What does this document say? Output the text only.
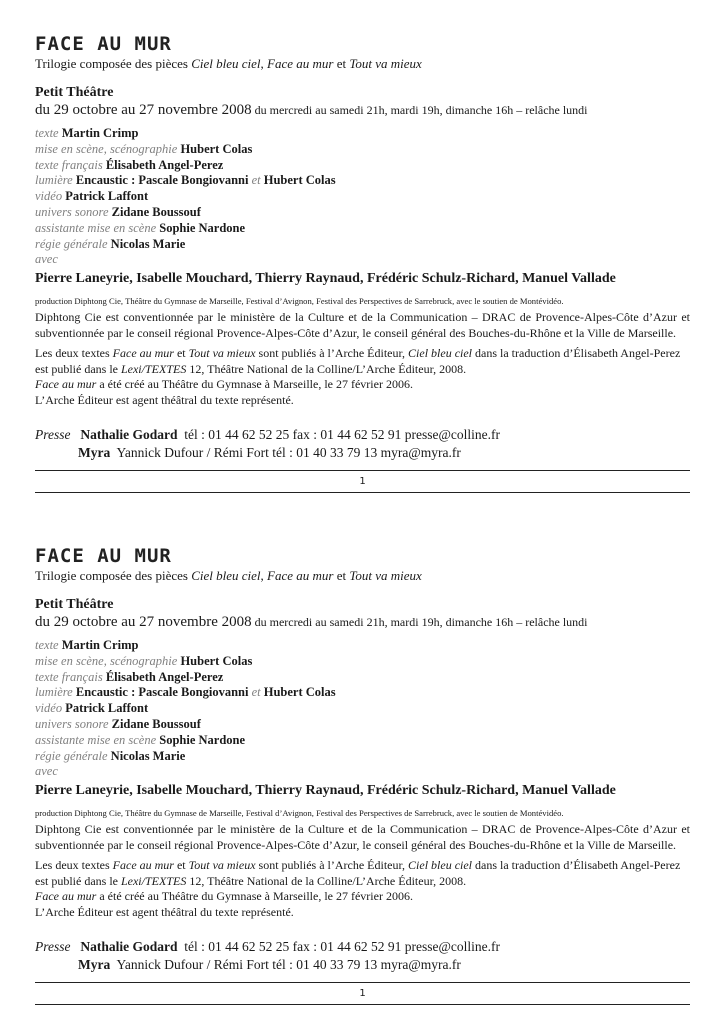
FACE AU MUR
Trilogie composée des pièces Ciel bleu ciel, Face au mur et Tout va mieux
Petit Théâtre
du 29 octobre au 27 novembre 2008 du mercredi au samedi 21h, mardi 19h, dimanche 16h – relâche lundi
texte Martin Crimp
mise en scène, scénographie Hubert Colas
texte français Élisabeth Angel-Perez
lumière Encaustic : Pascale Bongiovanni et Hubert Colas
vidéo Patrick Laffont
univers sonore Zidane Boussouf
assistante mise en scène Sophie Nardone
régie générale Nicolas Marie
avec
Pierre Laneyrie, Isabelle Mouchard, Thierry Raynaud, Frédéric Schulz-Richard, Manuel Vallade
production Diphtong Cie, Théâtre du Gymnase de Marseille, Festival d’Avignon, Festival des Perspectives de Sarrebruck, avec le soutien de Montévidéo.
Diphtong Cie est conventionnée par le ministère de la Culture et de la Communication – DRAC de Provence-Alpes-Côte d’Azur et subventionnée par le conseil régional Provence-Alpes-Côte d’Azur, le conseil général des Bouches-du-Rhône et la Ville de Marseille.
Les deux textes Face au mur et Tout va mieux sont publiés à l’Arche Éditeur, Ciel bleu ciel dans la traduction d’Élisabeth Angel-Perez
est publié dans le Lexi/TEXTES 12, Théâtre National de la Colline/L’Arche Éditeur, 2008.
Face au mur a été créé au Théâtre du Gymnase à Marseille, le 27 février 2006.
L’Arche Éditeur est agent théâtral du texte représenté.
Presse Nathalie Godard tél : 01 44 62 52 25 fax : 01 44 62 52 91 presse@colline.fr
Myra Yannick Dufour / Rémi Fort tél : 01 40 33 79 13 myra@myra.fr
1
FACE AU MUR
Trilogie composée des pièces Ciel bleu ciel, Face au mur et Tout va mieux
Petit Théâtre
du 29 octobre au 27 novembre 2008 du mercredi au samedi 21h, mardi 19h, dimanche 16h – relâche lundi
texte Martin Crimp
mise en scène, scénographie Hubert Colas
texte français Élisabeth Angel-Perez
lumière Encaustic : Pascale Bongiovanni et Hubert Colas
vidéo Patrick Laffont
univers sonore Zidane Boussouf
assistante mise en scène Sophie Nardone
régie générale Nicolas Marie
avec
Pierre Laneyrie, Isabelle Mouchard, Thierry Raynaud, Frédéric Schulz-Richard, Manuel Vallade
production Diphtong Cie, Théâtre du Gymnase de Marseille, Festival d’Avignon, Festival des Perspectives de Sarrebruck, avec le soutien de Montévidéo.
Diphtong Cie est conventionnée par le ministère de la Culture et de la Communication – DRAC de Provence-Alpes-Côte d’Azur et subventionnée par le conseil régional Provence-Alpes-Côte d’Azur, le conseil général des Bouches-du-Rhône et la Ville de Marseille.
Les deux textes Face au mur et Tout va mieux sont publiés à l’Arche Éditeur, Ciel bleu ciel dans la traduction d’Élisabeth Angel-Perez
est publié dans le Lexi/TEXTES 12, Théâtre National de la Colline/L’Arche Éditeur, 2008.
Face au mur a été créé au Théâtre du Gymnase à Marseille, le 27 février 2006.
L’Arche Éditeur est agent théâtral du texte représenté.
Presse Nathalie Godard tél : 01 44 62 52 25 fax : 01 44 62 52 91 presse@colline.fr
Myra Yannick Dufour / Rémi Fort tél : 01 40 33 79 13 myra@myra.fr
1
